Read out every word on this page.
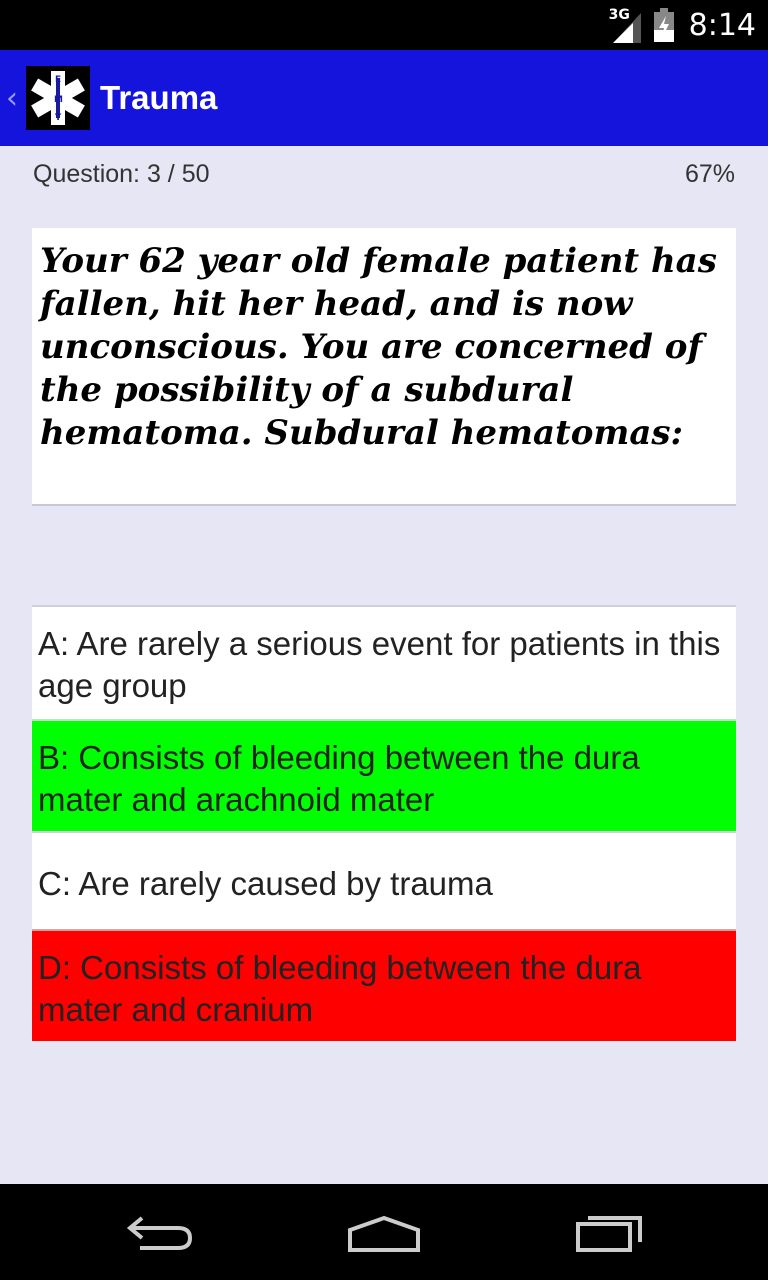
3G 8:14
‹
E
M
T
Trauma
Question: 3 / 50	67%

Your 62 year old female patient has fallen, hit her head, and is now unconscious. You are concerned of the possibility of a subdural hematoma. Subdural hematomas:

A: Are rarely a serious event for patients in this age group
B: Consists of bleeding between the dura mater and arachnoid mater
C: Are rarely caused by trauma
D: Consists of bleeding between the dura mater and cranium
